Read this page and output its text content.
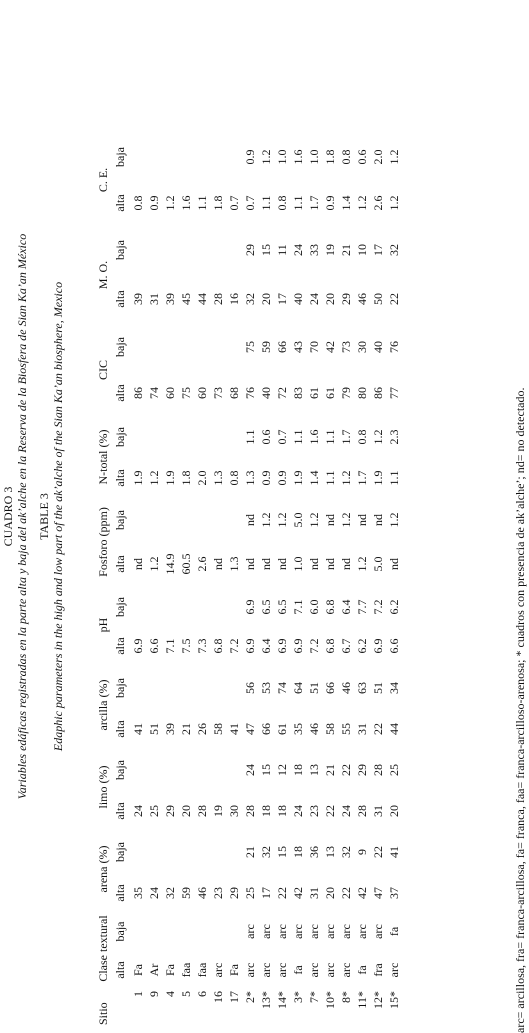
CUADRO 3 Variables edáficas registradas en la parte alta y baja del ak’alche en la Reserva de la Biosfera de Sian Ka’an México TABLE 3 Edaphic parameters in the high and low part of the ak’alche of the Sian Ka’an biosphere, Mexico
Sitio	Clase textural		arena (%)		limo (%)		arcilla (%)		pH		Fosforo (ppm)		N-total (%)		CIC		M. O.		C. E.	
	alta	baja	alta	baja	alta	baja	alta	baja	alta	baja	alta	baja	alta	baja	alta	baja	alta	baja	alta	baja
1	Fa		35		24		41		6.9		nd		1.9		86		39		0.8	
9	Ar		24		25		51		6.6		1.2		1.2		74		31		0.9	
4	Fa		32		29		39		7.1		14.9		1.9		60		39		1.2	
5	faa		59		20		21		7.5		60.5		1.8		75		45		1.6	
6	faa		46		28		26		7.3		2.6		2.0		60		44		1.1	
16	arc		23		19		58		6.8		nd		1.3		73		28		1.8	
17	Fa		29		30		41		7.2		1.3		0.8		68		16		0.7	
2*	arc	arc	25	21	28	24	47	56	6.9	6.9	nd	nd	1.3	1.1	76	75	32	29	0.7	0.9
13*	arc	arc	17	32	18	15	66	53	6.4	6.5	nd	1.2	0.9	0.6	40	59	20	15	1.1	1.2
14*	arc	arc	22	15	18	12	61	74	6.9	6.5	nd	1.2	0.9	0.7	72	66	17	11	0.8	1.0
3*	fa	arc	42	18	24	18	35	64	6.9	7.1	1.0	5.0	1.9	1.1	83	43	40	24	1.1	1.6
7*	arc	arc	31	36	23	13	46	51	7.2	6.0	nd	1.2	1.4	1.6	61	70	24	33	1.7	1.0
10*	arc	arc	20	13	22	21	58	66	6.8	6.8	nd	nd	1.1	1.1	61	42	20	19	0.9	1.8
8*	arc	arc	22	32	24	22	55	46	6.7	6.4	nd	1.2	1.2	1.7	79	73	29	21	1.4	0.8
11*	fa	arc	42	9	28	29	31	63	6.2	7.7	1.2	nd	1.7	0.8	80	30	46	10	1.2	0.6
12*	fra	arc	47	22	31	28	22	51	6.9	7.2	5.0	nd	1.9	1.2	86	40	50	17	2.6	2.0
15*	arc	fa	37	41	20	25	44	34	6.6	6.2	nd	1.2	1.1	2.3	77	76	22	32	1.2	1.2
arc= arcillosa, fra= franca-arcillosa, fa= franca, faa= franca-arcilloso-arenosa; * cuadros con presencia de ak’alche’; nd= no detectado.
